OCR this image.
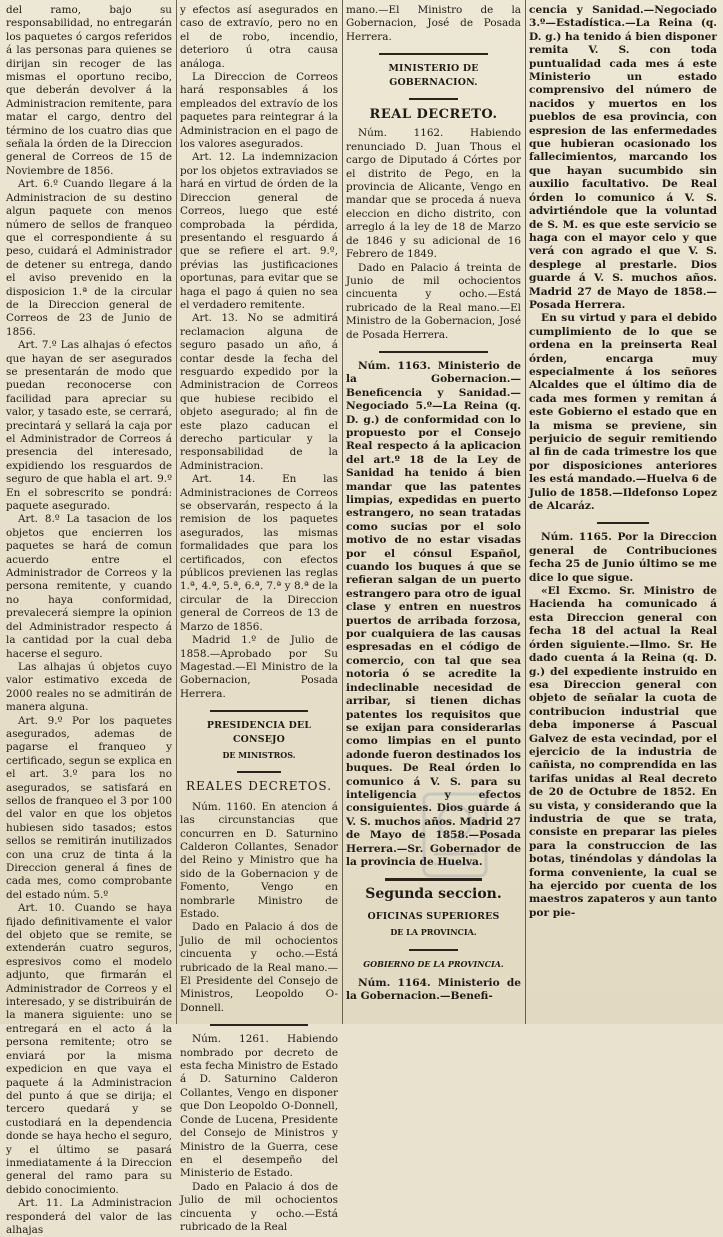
del ramo, bajo su responsabilidad, no entregarán los paquetes ó cargos referidos á las personas para quienes se dirijan sin recoger de las mismas el oportuno recibo, que deberán devolver á la Administracion remitente, para matar el cargo, dentro del término de los cuatro dias que señala la órden de la Direccion general de Correos de 15 de Noviembre de 1856.

Art. 6.º Cuando llegare á la Administracion de su destino algun paquete con menos número de sellos de franqueo que el correspondiente á su peso, cuidará el Administrador de detener su entrega, dando el aviso prevenido en la disposicion 1.ª de la circular de la Direccion general de Correos de 23 de Junio de 1856.

Art. 7.º Las alhajas ó efectos que hayan de ser asegurados se presentarán de modo que puedan reconocerse con facilidad para apreciar su valor, y tasado este, se cerrará, precintará y sellará la caja por el Administrador de Correos á presencia del interesado, expidiendo los resguardos de seguro de que habla el art. 9.º En el sobrescrito se pondrá: paquete asegurado.

Art. 8.º La tasacion de los objetos que encierren los paquetes se hará de comun acuerdo entre el Administrador de Correos y la persona remitente, y cuando no haya conformidad, prevalecerá siempre la opinion del Administrador respecto á la cantidad por la cual deba hacerse el seguro.

Las alhajas ú objetos cuyo valor estimativo exceda de 2000 reales no se admitirán de manera alguna.

Art. 9.º Por los paquetes asegurados, ademas de pagarse el franqueo y certificado, segun se explica en el art. 3.º para los no asegurados, se satisfará en sellos de franqueo el 3 por 100 del valor en que los objetos hubiesen sido tasados; estos sellos se remitirán inutilizados con una cruz de tinta á la Direccion general á fines de cada mes, como comprobante del estado núm. 5.º

Art. 10. Cuando se haya fijado definitivamente el valor del objeto que se remite, se extenderán cuatro seguros, espresivos como el modelo adjunto, que firmarán el Administrador de Correos y el interesado, y se distribuirán de la manera siguiente: uno se entregará en el acto á la persona remitente; otro se enviará por la misma expedicion en que vaya el paquete á la Administracion del punto á que se dirija; el tercero quedará y se custodiará en la dependencia donde se haya hecho el seguro, y el último se pasará inmediatamente á la Direccion general del ramo para su debido conocimiento.

Art. 11. La Administracion responderá del valor de las alhajas

y efectos así asegurados en caso de extravío, pero no en el de robo, incendio, deterioro ú otra causa análoga.

La Direccion de Correos hará responsables á los empleados del extravío de los paquetes para reintegrar á la Administracion en el pago de los valores asegurados.

Art. 12. La indemnizacion por los objetos extraviados se hará en virtud de órden de la Direccion general de Correos, luego que esté comprobada la pérdida, presentando el resguardo á que se refiere el art. 9.º, prévias las justificaciones oportunas, para evitar que se haga el pago á quien no sea el verdadero remitente.

Art. 13. No se admitirá reclamacion alguna de seguro pasado un año, á contar desde la fecha del resguardo expedido por la Administracion de Correos que hubiese recibido el objeto asegurado; al fin de este plazo caducan el derecho particular y la responsabilidad de la Administracion.

Art. 14. En las Administraciones de Correos se observarán, respecto á la remision de los paquetes asegurados, las mismas formalidades que para los certificados, con efectos públicos previenen las reglas 1.ª, 4.ª, 5.ª, 6.ª, 7.ª y 8.ª de la circular de la Direccion general de Correos de 13 de Marzo de 1856.

Madrid 1.º de Julio de 1858.—Aprobado por Su Magestad.—El Ministro de la Gobernacion, Posada Herrera.

PRESIDENCIA DEL CONSEJO
DE MINISTROS.
REALES DECRETOS.

Núm. 1160. En atencion á las circunstancias que concurren en D. Saturnino Calderon Collantes, Senador del Reino y Ministro que ha sido de la Gobernacion y de Fomento, Vengo en nombrarle Ministro de Estado.

Dado en Palacio á dos de Julio de mil ochocientos cincuenta y ocho.—Está rubricado de la Real mano.—El Presidente del Consejo de Ministros, Leopoldo O-Donnell.

Núm. 1261. Habiendo nombrado por decreto de esta fecha Ministro de Estado á D. Saturnino Calderon Collantes, Vengo en disponer que Don Leopoldo O-Donnell, Conde de Lucena, Presidente del Consejo de Ministros y Ministro de la Guerra, cese en el desempeño del Ministerio de Estado.

Dado en Palacio á dos de Julio de mil ochocientos cincuenta y ocho.—Está rubricado de la Real

mano.—El Ministro de la Gobernacion, José de Posada Herrera.

MINISTERIO DE GOBERNACION.
REAL DECRETO.

Núm. 1162. Habiendo renunciado D. Juan Thous el cargo de Diputado á Córtes por el distrito de Pego, en la provincia de Alicante, Vengo en mandar que se proceda á nueva eleccion en dicho distrito, con arreglo á la ley de 18 de Marzo de 1846 y su adicional de 16 Febrero de 1849.

Dado en Palacio á treinta de Junio de mil ochocientos cincuenta y ocho.—Está rubricado de la Real mano.—El Ministro de la Gobernacion, José de Posada Herrera.

Núm. 1163. Ministerio de la Gobernacion.—Beneficencia y Sanidad.—Negociado 5.º—La Reina (q. D. g.) de conformidad con lo propuesto por el Consejo Real respecto á la aplicacion del art.º 18 de la Ley de Sanidad ha tenido á bien mandar que las patentes limpias, expedidas en puerto estrangero, no sean tratadas como sucias por el solo motivo de no estar visadas por el cónsul Español, cuando los buques á que se refieran salgan de un puerto estrangero para otro de igual clase y entren en nuestros puertos de arribada forzosa, por cualquiera de las causas espresadas en el código de comercio, con tal que sea notoria ó se acredite la indeclinable necesidad de arribar, si tienen dichas patentes los requisitos que se exijan para considerarlas como limpias en el punto adonde fueron destinados los buques. De Real órden lo comunico á V. S. para su inteligencia y efectos consiguientes. Dios guarde á V. S. muchos años. Madrid 27 de Mayo de 1858.—Posada Herrera.—Sr. Gobernador de la provincia de Huelva.

Segunda seccion.
OFICINAS SUPERIORES
DE LA PROVINCIA.
GOBIERNO DE LA PROVINCIA.

Núm. 1164. Ministerio de la Gobernacion.—Benefi-

cencia y Sanidad.—Negociado 3.º—Estadística.—La Reina (q. D. g.) ha tenido á bien disponer remita V. S. con toda puntualidad cada mes á este Ministerio un estado comprensivo del número de nacidos y muertos en los pueblos de esa provincia, con espresion de las enfermedades que hubieran ocasionado los fallecimientos, marcando los que hayan sucumbido sin auxilio facultativo. De Real órden lo comunico á V. S. advirtiéndole que la voluntad de S. M. es que este servicio se haga con el mayor celo y que verá con agrado el que V. S. desplege al prestarle. Dios guarde á V. S. muchos años. Madrid 27 de Mayo de 1858.—Posada Herrera.

En su virtud y para el debido cumplimiento de lo que se ordena en la preinserta Real órden, encarga muy especialmente á los señores Alcaldes que el último dia de cada mes formen y remitan á este Gobierno el estado que en la misma se previene, sin perjuicio de seguir remitiendo al fin de cada trimestre los que por disposiciones anteriores les está mandado.—Huelva 6 de Julio de 1858.—Ildefonso Lopez de Alcaráz.

Núm. 1165. Por la Direccion general de Contribuciones fecha 25 de Junio último se me dice lo que sigue.

«El Excmo. Sr. Ministro de Hacienda ha comunicado á esta Direccion general con fecha 18 del actual la Real órden siguiente.—Ilmo. Sr. He dado cuenta á la Reina (q. D. g.) del expediente instruido en esa Direccion general con objeto de señalar la cuota de contribucion industrial que deba imponerse á Pascual Galvez de esta vecindad, por el ejercicio de la industria de cañista, no comprendida en las tarifas unidas al Real decreto de 20 de Octubre de 1852. En su vista, y considerando que la industria de que se trata, consiste en preparar las pieles para la construccion de las botas, tinéndolas y dándolas la forma conveniente, la cual se ha ejercido por cuenta de los maestros zapateros y aun tanto por pie-
